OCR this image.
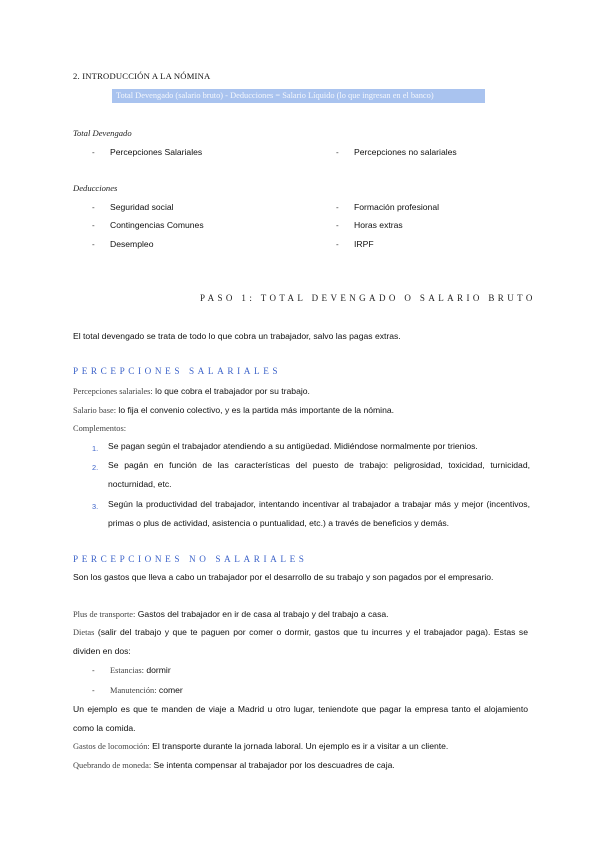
2. INTRODUCCIÓN A LA NÓMINA
Total Devengado (salario bruto) - Deducciones = Salario Líquido (lo que ingresan en el banco)
Total Devengado
- Percepciones Salariales	- Percepciones no salariales
Deducciones
- Seguridad social
- Contingencias Comunes
- Desempleo
- Formación profesional
- Horas extras
- IRPF
PASO 1: TOTAL DEVENGADO O SALARIO BRUTO
El total devengado se trata de todo lo que cobra un trabajador, salvo las pagas extras.
PERCEPCIONES SALARIALES
Percepciones salariales: lo que cobra el trabajador por su trabajo.
Salario base: lo fija el convenio colectivo, y es la partida más importante de la nómina.
Complementos:
1. Se pagan según el trabajador atendiendo a su antigüedad. Midiéndose normalmente por trienios.
2. Se pagán en función de las características del puesto de trabajo: peligrosidad, toxicidad, turnicidad, nocturnidad, etc.
3. Según la productividad del trabajador, intentando incentivar al trabajador a trabajar más y mejor (incentivos, primas o plus de actividad, asistencia o puntualidad, etc.) a través de beneficios y demás.
PERCEPCIONES NO SALARIALES
Son los gastos que lleva a cabo un trabajador por el desarrollo de su trabajo y son pagados por el empresario.
Plus de transporte: Gastos del trabajador en ir de casa al trabajo y del trabajo a casa.
Dietas (salir del trabajo y que te paguen por comer o dormir, gastos que tu incurres y el trabajador paga). Estas se dividen en dos:
- Estancias: dormir
- Manutención: comer
Un ejemplo es que te manden de viaje a Madrid u otro lugar, teniendote que pagar la empresa tanto el alojamiento como la comida.
Gastos de locomoción: El transporte durante la jornada laboral. Un ejemplo es ir a visitar a un cliente.
Quebrando de moneda: Se intenta compensar al trabajador por los descuadres de caja.
